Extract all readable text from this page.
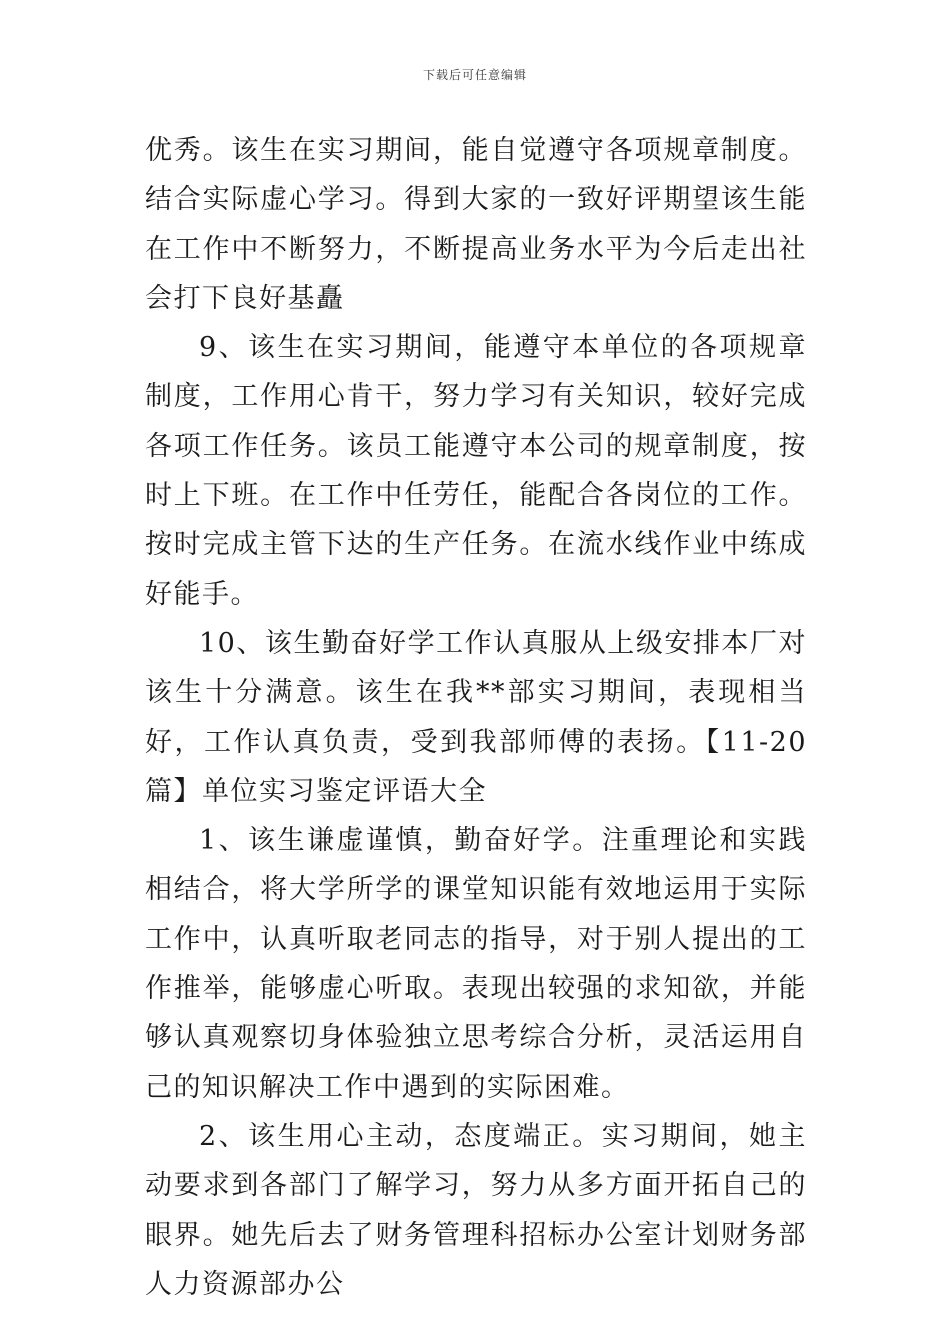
下载后可任意编辑

优秀。该生在实习期间，能自觉遵守各项规章制度。结合实际虚心学习。得到大家的一致好评期望该生能在工作中不断努力，不断提高业务水平为今后走出社会打下良好基矗

9、该生在实习期间，能遵守本单位的各项规章制度，工作用心肯干，努力学习有关知识，较好完成各项工作任务。该员工能遵守本公司的规章制度，按时上下班。在工作中任劳任，能配合各岗位的工作。按时完成主管下达的生产任务。在流水线作业中练成好能手。

10、该生勤奋好学工作认真服从上级安排本厂对该生十分满意。该生在我**部实习期间，表现相当好，工作认真负责，受到我部师傅的表扬。【11-20篇】单位实习鉴定评语大全

1、该生谦虚谨慎，勤奋好学。注重理论和实践相结合，将大学所学的课堂知识能有效地运用于实际工作中，认真听取老同志的指导，对于别人提出的工作推举，能够虚心听取。表现出较强的求知欲，并能够认真观察切身体验独立思考综合分析，灵活运用自己的知识解决工作中遇到的实际困难。

2、该生用心主动，态度端正。实习期间，她主动要求到各部门了解学习，努力从多方面开拓自己的眼界。她先后去了财务管理科招标办公室计划财务部人力资源部办公
